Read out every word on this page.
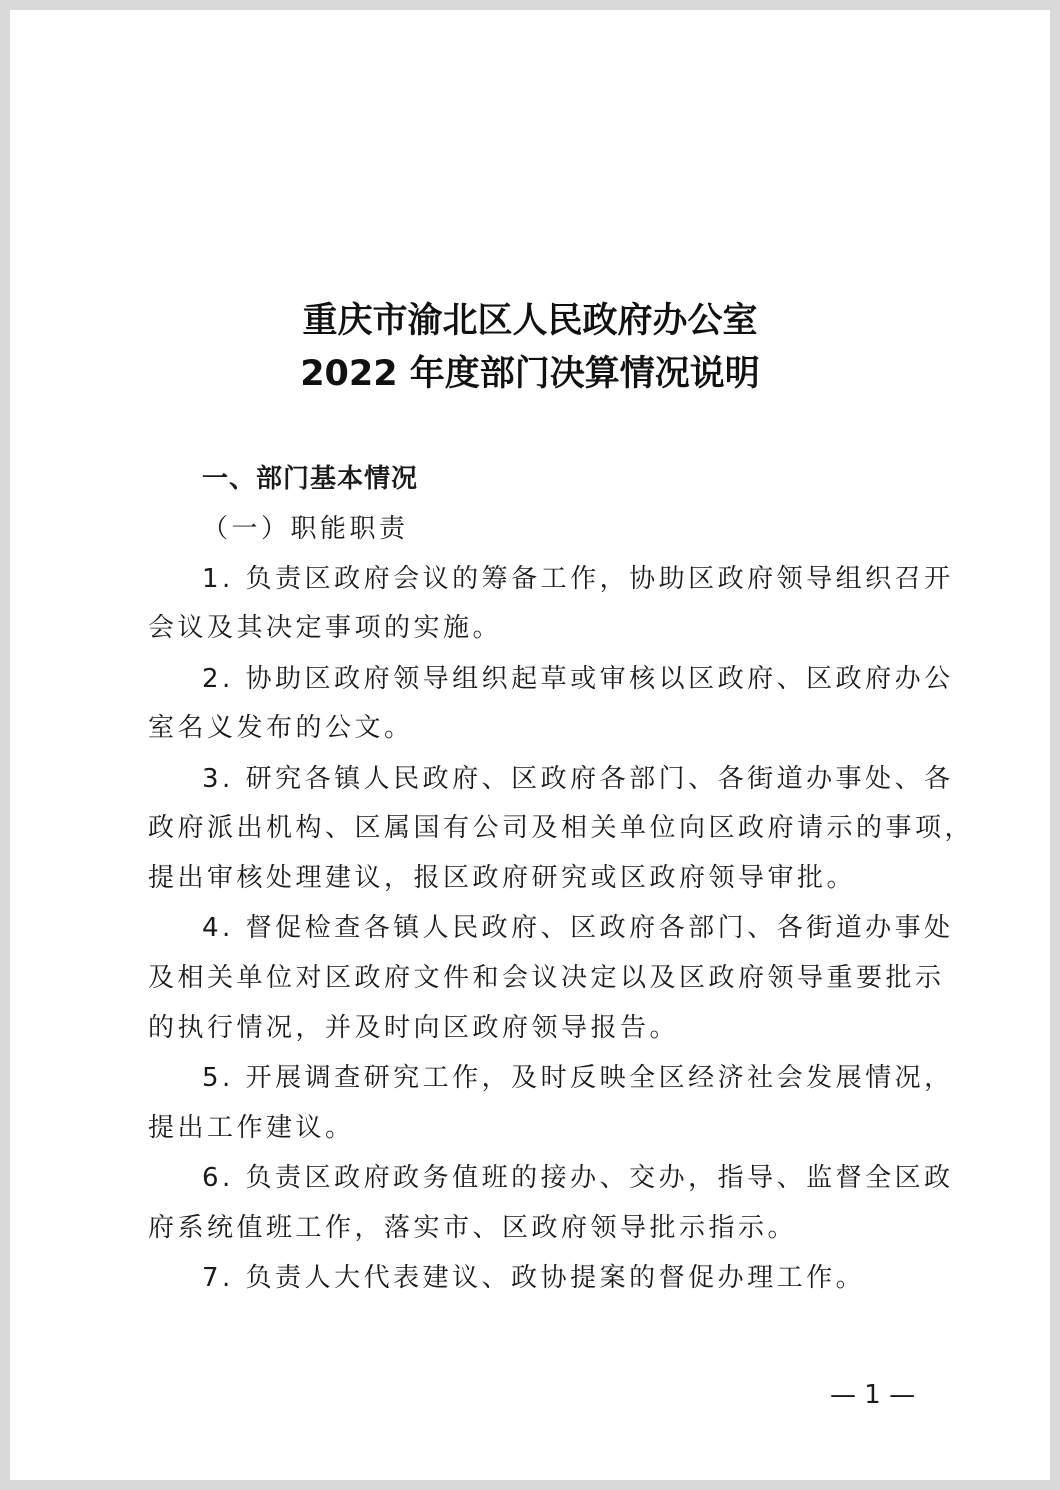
重庆市渝北区人民政府办公室
2022 年度部门决算情况说明
一、部门基本情况
（一）职能职责
1. 负责区政府会议的筹备工作，协助区政府领导组织召开
会议及其决定事项的实施。
2. 协助区政府领导组织起草或审核以区政府、区政府办公
室名义发布的公文。
3. 研究各镇人民政府、区政府各部门、各街道办事处、各
政府派出机构、区属国有公司及相关单位向区政府请示的事项，
提出审核处理建议，报区政府研究或区政府领导审批。
4. 督促检查各镇人民政府、区政府各部门、各街道办事处
及相关单位对区政府文件和会议决定以及区政府领导重要批示
的执行情况，并及时向区政府领导报告。
5. 开展调查研究工作，及时反映全区经济社会发展情况，
提出工作建议。
6. 负责区政府政务值班的接办、交办，指导、监督全区政
府系统值班工作，落实市、区政府领导批示指示。
7. 负责人大代表建议、政协提案的督促办理工作。
— 1 —
